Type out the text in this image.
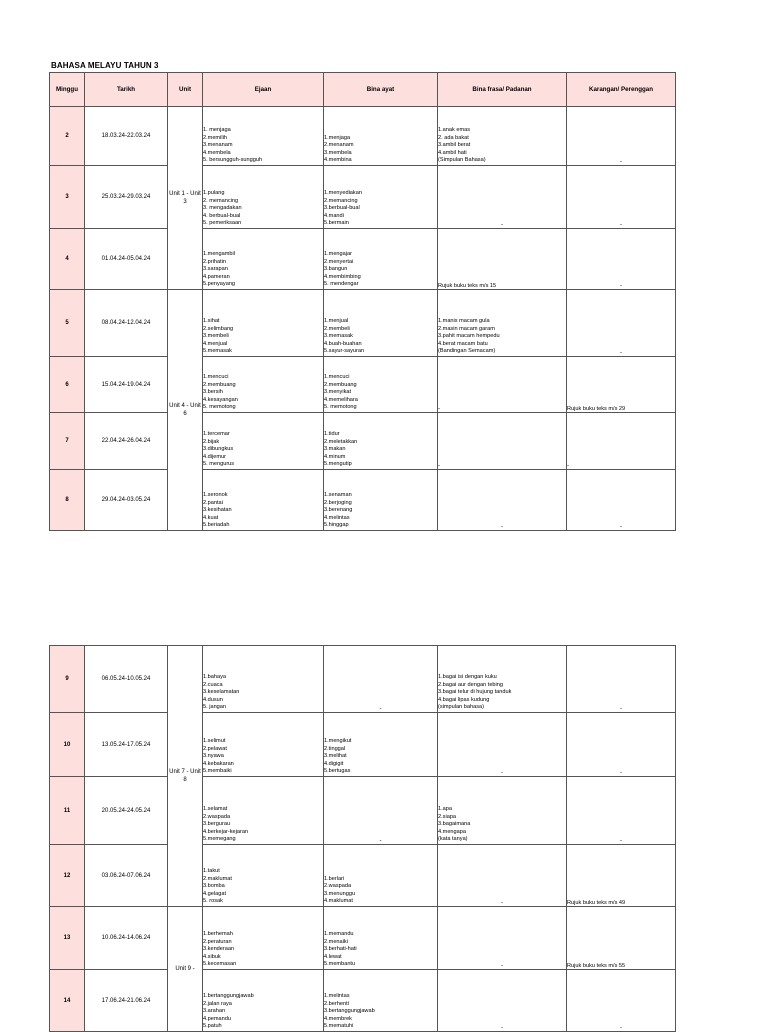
BAHASA MELAYU TAHUN 3
Minggu	Tarikh	Unit	Ejaan	Bina ayat	Bina frasa/ Padanan	Karangan/ Perenggan
2	18.03.24-22.03.24	Unit 1 - Unit 3	1. menjaga
2.memilih
3.menanam
4.membela
5. bersungguh-sungguh	1.menjaga
2.menanam
3.membela
4.membina	1.anak emas
2. ada bakat
3.ambil berat
4.ambil hati
(Simpulan Bahasa)	-
3	25.03.24-29.03.24		1.pulang
2. memancing
3. mengadakan
4. berbual-bual
5. pemeriksaan	1.menyediakan
2.memancing
3.berbual-bual
4.mandi
5.bermain	-	-
4	01.04.24-05.04.24		1.mengambil
2.prihatin
3.sarapan
4.pameran
5.penyayang	1.mengajar
2.menyertai
3.bangun
4.membimbing
5. mendengar	Rujuk buku teks m/s 15	-
5	08.04.24-12.04.24	Unit 4 - Unit 6	1.sihat
2.selimbang
3.membeli
4.menjual
5.memasak	1.menjual
2.membeli
3.memasak
4.buah-buahan
5.sayur-sayuran	1.manis macam gula
2.masin macam garam
3.pahit macam hempedu
4.berat macam batu
(Bandingan Semacam)	-
6	15.04.24-19.04.24		1.mencuci
2.membuang
3.bersih
4.kesayangan
5. memotong	1.mencuci
2.membuang
3.menyikat
4.memelihara
5. memotong	-	Rujuk buku teks m/s 29
7	22.04.24-26.04.24		1.tercemar
2.bijak
3.dibungkus
4.dijemur
5. mengurus	1.tidur
2.meletakkan
3.makan
4.minum
5.mengutip	-	-
8	29.04.24-03.05.24		1.seronok
2.pantai
3.kesihatan
4.kuat
5.beriadah	1.senaman
2.berjoging
3.berenang
4.melintas
5.hinggap	-	-
9	06.05.24-10.05.24	Unit 7 - Unit 8	1.bahaya
2.cuaca
3.keselamatan
4.dusun
5. jangan	-	1.bagai isi dengan kuku
2.bagai aur dengan tebing
3.bagai telur di hujung tanduk
4.bagai lipas kudung
(simpulan bahasa)	-
10	13.05.24-17.05.24		1.selimut
2.pelawat
3.nyawa
4.kebakaran
5.membaiki	1.mengikut
2.tinggal
3.melihat
4.digigit
5.bertugas	-	-
11	20.05.24-24.05.24		1.selamat
2.waspada
3.bergurau
4.berkejar-kejaran
5.memegang	-	1.apa
2.siapa
3.bagaimana
4.mengapa
(kata tanya)	-
12	03.06.24-07.06.24		1.takut
2.maklumat
3.bomba
4.gelagat
5. rosak	1.berlari
2.waspada
3.menunggu
4.maklumat	-	Rujuk buku teks m/s 49
13	10.06.24-14.06.24	Unit 9 -	1.berhemah
2.peraturan
3.kenderaan
4.sibuk
5.kecemasan	1.memandu
2.menaiki
3.berhati-hati
4.lewat
5.membantu	-	Rujuk buku teks m/s 55
14	17.06.24-21.06.24		1.bertanggungjawab
2.jalan raya
3.arahan
4.pemandu
5.patuh	1.melintas
2.berhenti
3.bertanggungjawab
4.membrek
5.mematuhi	-	-
